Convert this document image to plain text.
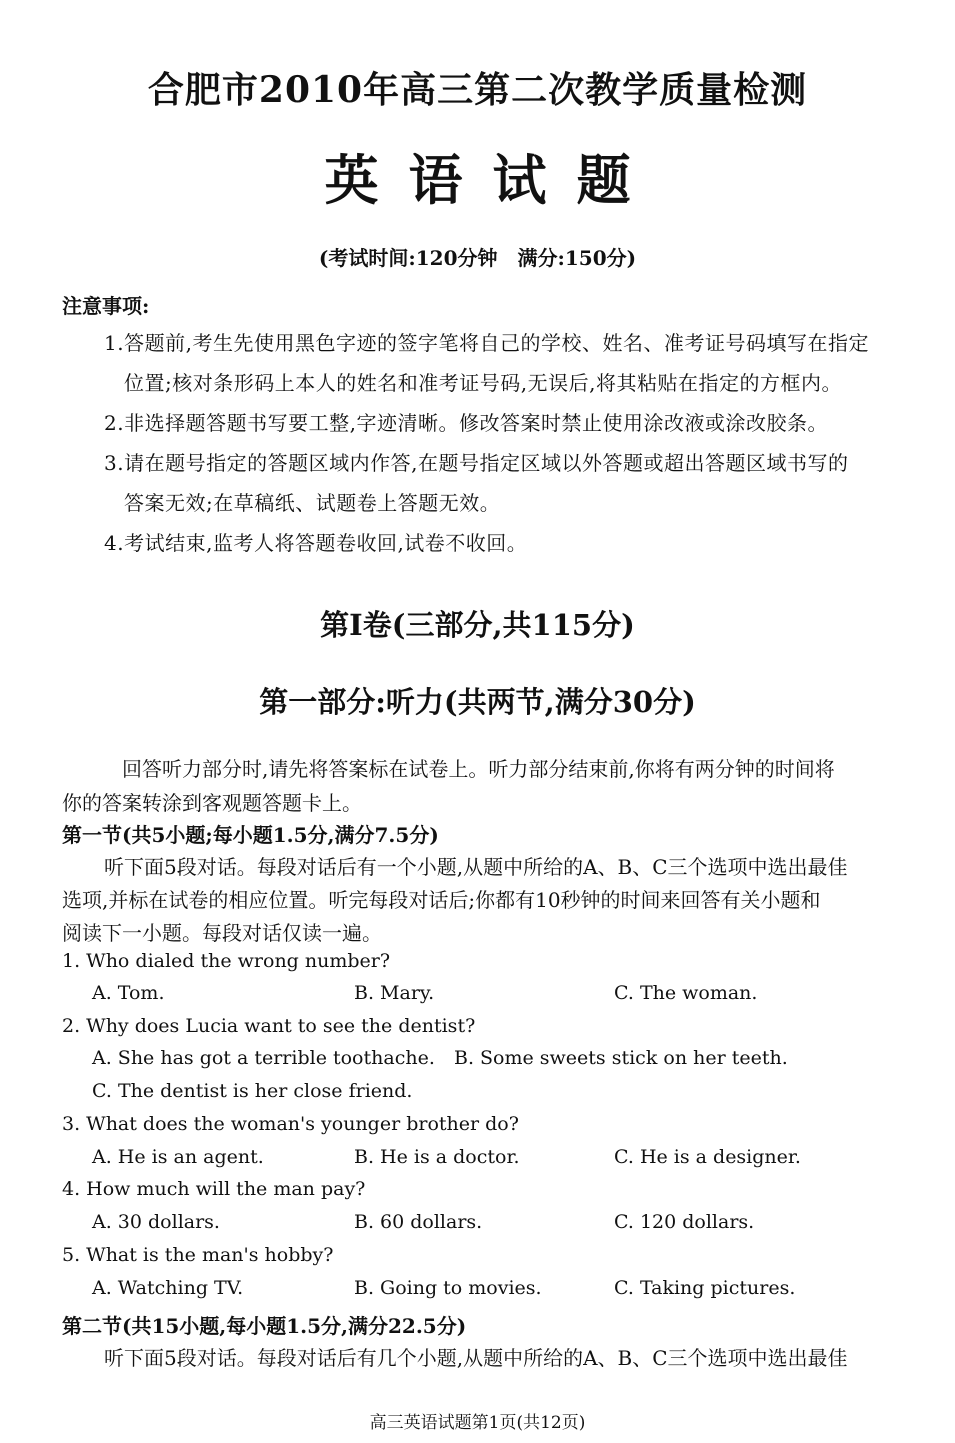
合肥市2010年高三第二次教学质量检测
英语试题
(考试时间:120分钟　满分:150分)
注意事项:
1.答题前,考生先使用黑色字迹的签字笔将自己的学校、姓名、准考证号码填写在指定
位置;核对条形码上本人的姓名和准考证号码,无误后,将其粘贴在指定的方框内。
2.非选择题答题书写要工整,字迹清晰。修改答案时禁止使用涂改液或涂改胶条。
3.请在题号指定的答题区域内作答,在题号指定区域以外答题或超出答题区域书写的
答案无效;在草稿纸、试题卷上答题无效。
4.考试结束,监考人将答题卷收回,试卷不收回。
第Ⅰ卷(三部分,共115分)
第一部分:听力(共两节,满分30分)
回答听力部分时,请先将答案标在试卷上。听力部分结束前,你将有两分钟的时间将
你的答案转涂到客观题答题卡上。
第一节(共5小题;每小题1.5分,满分7.5分)
听下面5段对话。每段对话后有一个小题,从题中所给的A、B、C三个选项中选出最佳
选项,并标在试卷的相应位置。听完每段对话后;你都有10秒钟的时间来回答有关小题和
阅读下一小题。每段对话仅读一遍。
1. Who dialed the wrong number?
A. Tom.	B. Mary.	C. The woman.
2. Why does Lucia want to see the dentist?
A. She has got a terrible toothache. B. Some sweets stick on her teeth.
C. The dentist is her close friend.
3. What does the woman's younger brother do?
A. He is an agent.	B. He is a doctor.	C. He is a designer.
4. How much will the man pay?
A. 30 dollars.	B. 60 dollars.	C. 120 dollars.
5. What is the man's hobby?
A. Watching TV.	B. Going to movies.	C. Taking pictures.
第二节(共15小题,每小题1.5分,满分22.5分)
听下面5段对话。每段对话后有几个小题,从题中所给的A、B、C三个选项中选出最佳
高三英语试题第1页(共12页)
